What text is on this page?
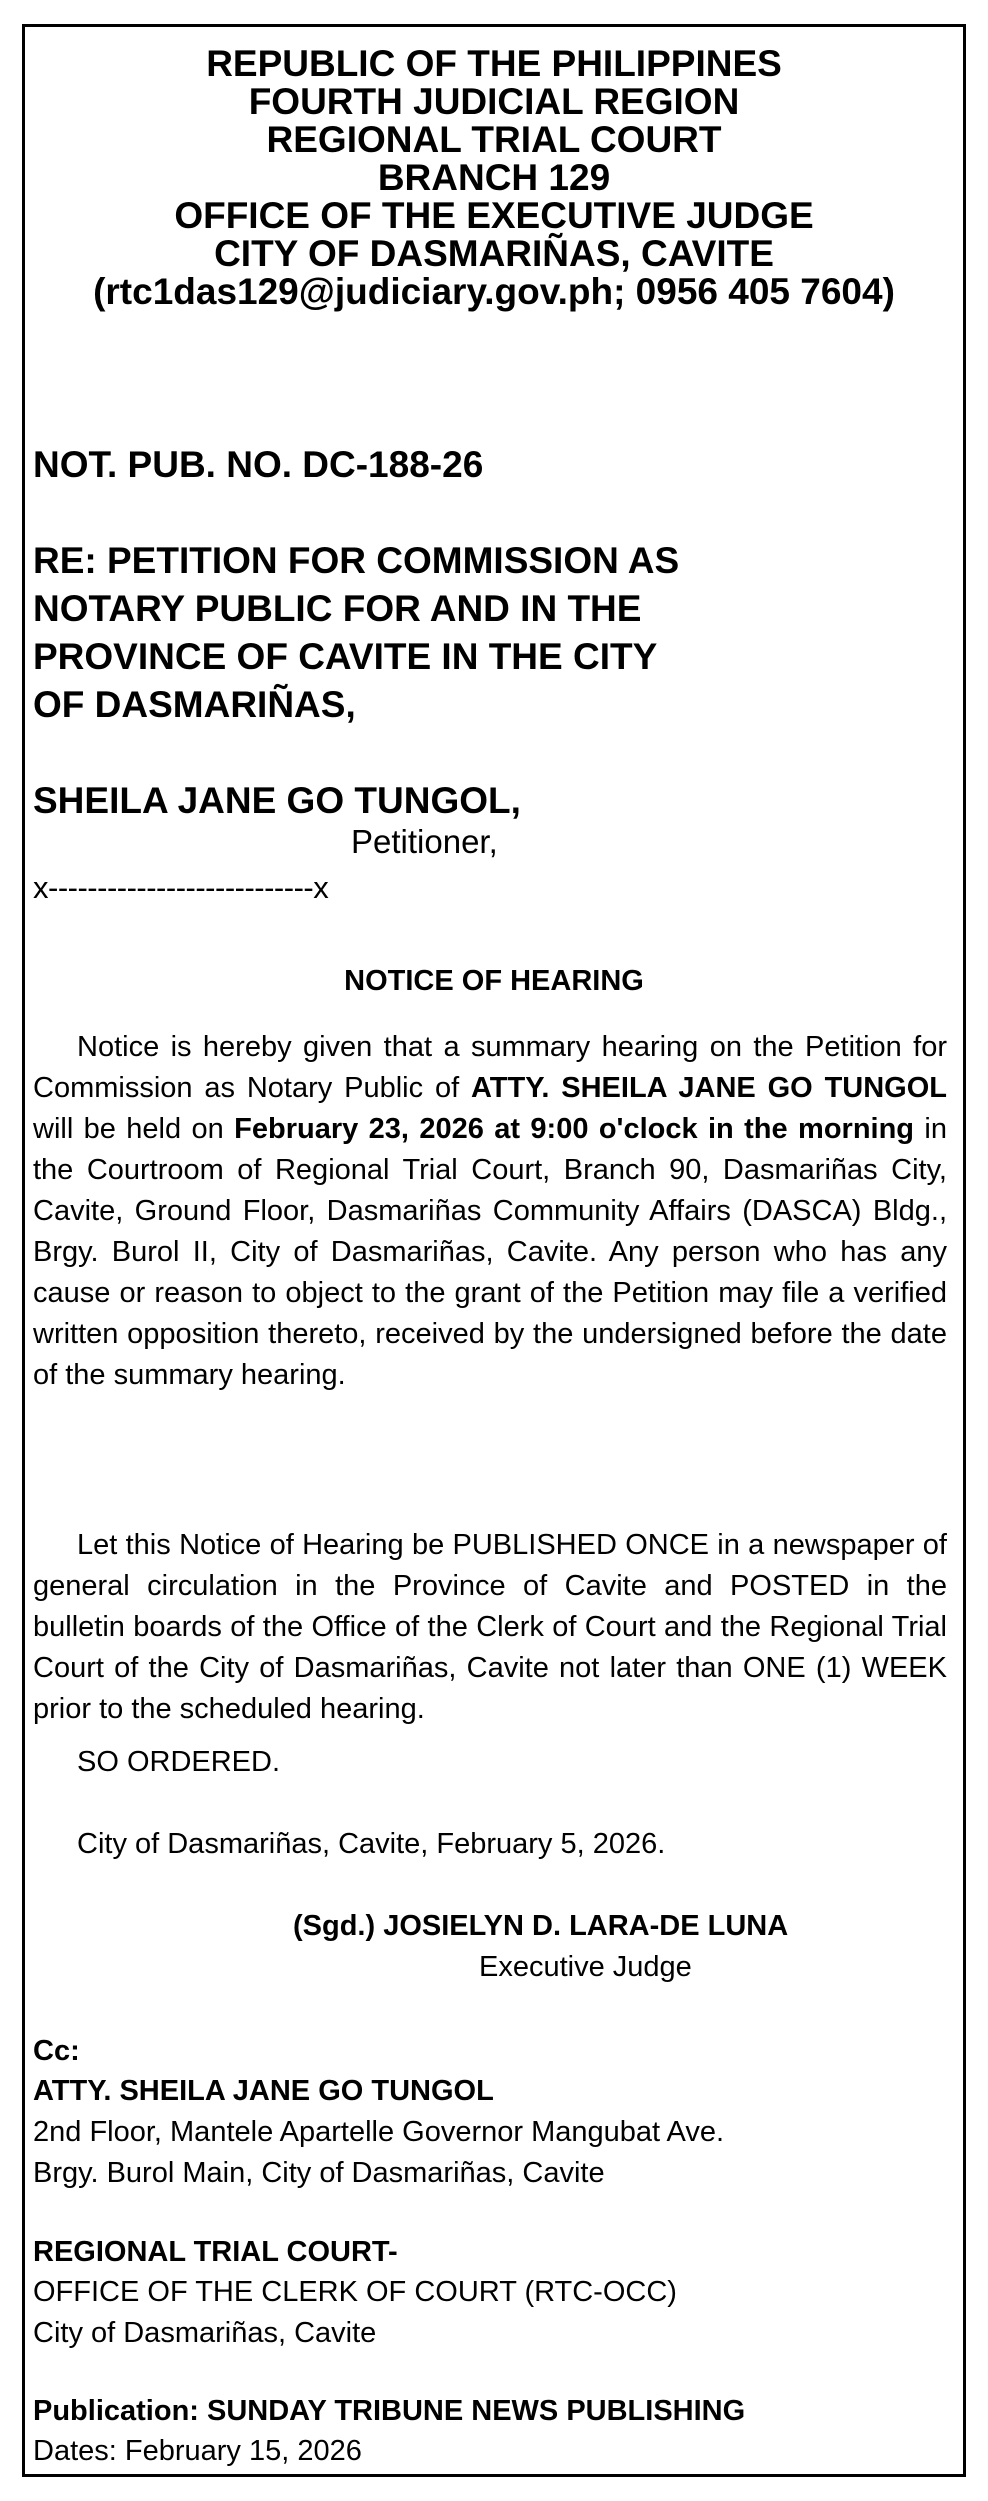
REPUBLIC OF THE PHILIPPINES

FOURTH JUDICIAL REGION

REGIONAL TRIAL COURT

BRANCH 129

OFFICE OF THE EXECUTIVE JUDGE

CITY OF DASMARIÑAS, CAVITE

(rtc1das129@judiciary.gov.ph; 0956 405 7604)

NOT. PUB. NO. DC-188-26

RE: PETITION FOR COMMISSION AS

NOTARY PUBLIC FOR AND IN THE

PROVINCE OF CAVITE IN THE CITY

OF DASMARIÑAS,

SHEILA JANE GO TUNGOL,

Petitioner,

x---------------------------x

NOTICE OF HEARING

Notice is hereby given that a summary hearing on the Petition for Commission as Notary Public of ATTY. SHEILA JANE GO TUNGOL will be held on February 23, 2026 at 9:00 o'clock in the morning in the Courtroom of Regional Trial Court, Branch 90, Dasmariñas City, Cavite, Ground Floor, Dasmariñas Community Affairs (DASCA) Bldg., Brgy. Burol II, City of Dasmariñas, Cavite. Any person who has any cause or reason to object to the grant of the Petition may file a verified written opposition thereto, received by the undersigned before the date of the summary hearing.

Let this Notice of Hearing be PUBLISHED ONCE in a newspaper of general circulation in the Province of Cavite and POSTED in the bulletin boards of the Office of the Clerk of Court and the Regional Trial Court of the City of Dasmariñas, Cavite not later than ONE (1) WEEK prior to the scheduled hearing.

SO ORDERED.

City of Dasmariñas, Cavite, February 5, 2026.

(Sgd.) JOSIELYN D. LARA-DE LUNA

Executive Judge

Cc:

ATTY. SHEILA JANE GO TUNGOL

2nd Floor, Mantele Apartelle Governor Mangubat Ave.

Brgy. Burol Main, City of Dasmariñas, Cavite

REGIONAL TRIAL COURT-

OFFICE OF THE CLERK OF COURT (RTC-OCC)

City of Dasmariñas, Cavite

Publication: SUNDAY TRIBUNE NEWS PUBLISHING

Dates: February 15, 2026
